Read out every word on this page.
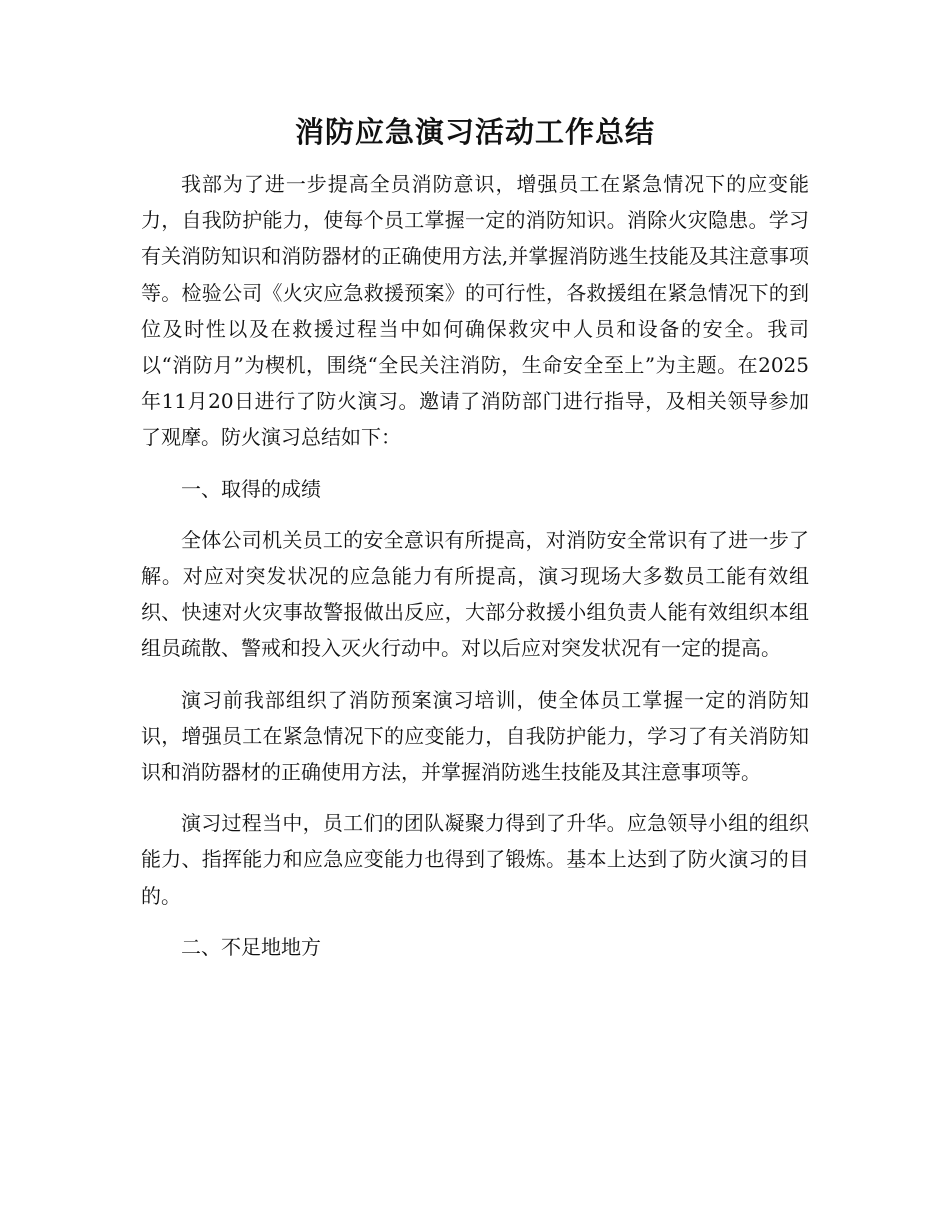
消防应急演习活动工作总结

我部为了进一步提高全员消防意识，增强员工在紧急情况下的应变能力，自我防护能力，使每个员工掌握一定的消防知识。消除火灾隐患。学习有关消防知识和消防器材的正确使用方法,并掌握消防逃生技能及其注意事项等。检验公司《火灾应急救援预案》的可行性，各救援组在紧急情况下的到位及时性以及在救援过程当中如何确保救灾中人员和设备的安全。我司以“消防月”为楔机，围绕“全民关注消防，生命安全至上”为主题。在2025年11月20日进行了防火演习。邀请了消防部门进行指导，及相关领导参加了观摩。防火演习总结如下：

一、取得的成绩

全体公司机关员工的安全意识有所提高，对消防安全常识有了进一步了解。对应对突发状况的应急能力有所提高，演习现场大多数员工能有效组织、快速对火灾事故警报做出反应，大部分救援小组负责人能有效组织本组组员疏散、警戒和投入灭火行动中。对以后应对突发状况有一定的提高。

演习前我部组织了消防预案演习培训，使全体员工掌握一定的消防知识，增强员工在紧急情况下的应变能力，自我防护能力，学习了有关消防知识和消防器材的正确使用方法，并掌握消防逃生技能及其注意事项等。

演习过程当中，员工们的团队凝聚力得到了升华。应急领导小组的组织能力、指挥能力和应急应变能力也得到了锻炼。基本上达到了防火演习的目的。

二、不足地地方
